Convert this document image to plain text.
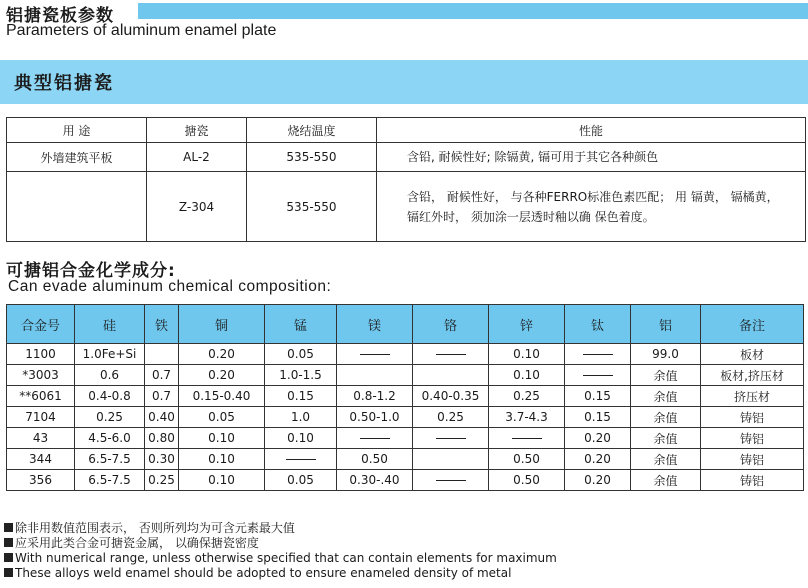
铝搪瓷板参数
Parameters of aluminum enamel plate
典型铝搪瓷
用 途	搪瓷	烧结温度	性能
外墙建筑平板	AL-2	535-550	含铅, 耐候性好; 除镉黄, 镉可用于其它各种颜色
	Z-304	535-550	含铅， 耐候性好， 与各种FERRO标准色素匹配； 用 镉黄， 镉橘黄， 镉红外时， 须加涂一层透时釉以确 保色着度。
可搪铝合金化学成分:
Can evade aluminum chemical composition:
合金号	硅	铁	铜	锰	镁	铬	锌	钛	铝	备注
1100	1.0Fe+Si		0.20	0.05			0.10		99.0	板材
*3003	0.6	0.7	0.20	1.0-1.5			0.10		余值	板材,挤压材
**6061	0.4-0.8	0.7	0.15-0.40	0.15	0.8-1.2	0.40-0.35	0.25	0.15	余值	挤压材
7104	0.25	0.40	0.05	1.0	0.50-1.0	0.25	3.7-4.3	0.15	余值	铸铝
43	4.5-6.0	0.80	0.10	0.10				0.20	余值	铸铝
344	6.5-7.5	0.30	0.10		0.50		0.50	0.20	余值	铸铝
356	6.5-7.5	0.25	0.10	0.05	0.30-.40		0.50	0.20	余值	铸铝
除非用数值范围表示， 否则所列均为可含元素最大值
应采用此类合金可搪瓷金属， 以确保搪瓷密度
With numerical range, unless otherwise specified that can contain elements for maximum
These alloys weld enamel should be adopted to ensure enameled density of metal
